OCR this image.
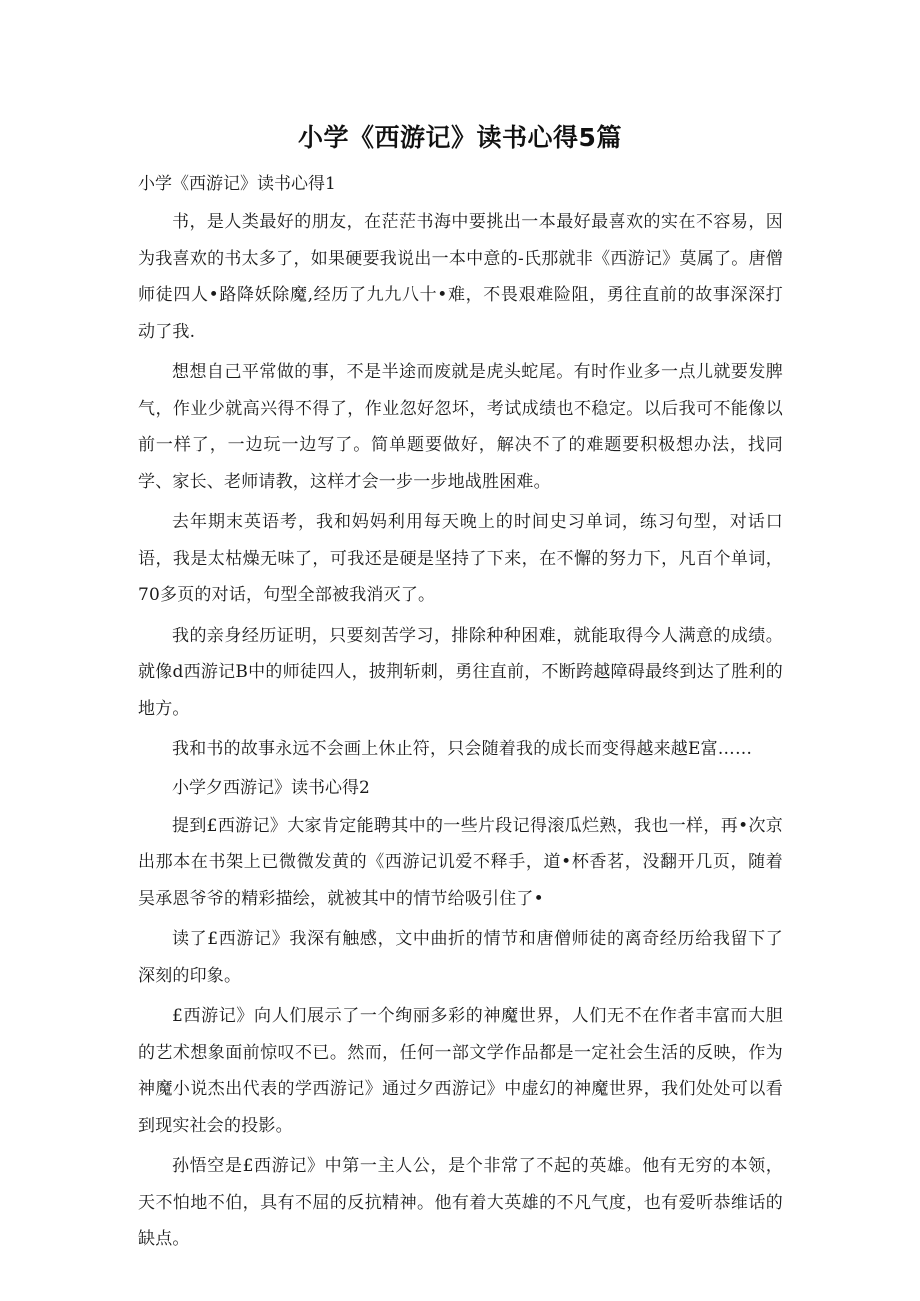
小学《西游记》读书心得5篇
小学《西游记》读书心得1

书，是人类最好的朋友，在茫茫书海中要挑出一本最好最喜欢的实在不容易，因为我喜欢的书太多了，如果硬要我说出一本中意的-氏那就非《西游记》莫属了。唐僧师徒四人•路降妖除魔,经历了九九八十•难，不畏艰难险阻，勇往直前的故事深深打动了我.

想想自己平常做的事，不是半途而废就是虎头蛇尾。有时作业多一点儿就要发脾气，作业少就高兴得不得了，作业忽好忽坏，考试成绩也不稳定。以后我可不能像以前一样了，一边玩一边写了。简单题要做好，解决不了的难题要积极想办法，找同学、家长、老师请教，这样才会一步一步地战胜困难。

去年期末英语考，我和妈妈利用每天晚上的时间史习单词，练习句型，对话口语，我是太枯燥无味了，可我还是硬是坚持了下来，在不懈的努力下，凡百个单词，70多页的对话，句型全部被我消灭了。

我的亲身经历证明，只要刻苦学习，排除种种困难，就能取得今人满意的成绩。就像d西游记B中的师徒四人，披荆斩刺，勇往直前，不断跨越障碍最终到达了胜利的地方。

我和书的故事永远不会画上休止符，只会随着我的成长而变得越来越E富……

小学夕西游记》读书心得2

提到£西游记》大家肯定能聘其中的一些片段记得滚瓜烂熟，我也一样，再•次京出那本在书架上已微微发黄的《西游记讥爱不释手，道•杯香茗，没翻开几页，随着吴承恩爷爷的精彩描绘，就被其中的情节给吸引住了•

读了£西游记》我深有触感，文中曲折的情节和唐僧师徒的离奇经历给我留下了深刻的印象。

£西游记》向人们展示了一个绚丽多彩的神魔世界，人们无不在作者丰富而大胆的艺术想象面前惊叹不已。然而，任何一部文学作品都是一定社会生活的反映，作为神魔小说杰出代表的学西游记》通过夕西游记》中虚幻的神魔世界，我们处处可以看到现实社会的投影。

孙悟空是£西游记》中第一主人公，是个非常了不起的英雄。他有无穷的本领，天不怕地不伯，具有不屈的反抗精神。他有着大英雄的不凡气度，也有爱听恭维话的缺点。
